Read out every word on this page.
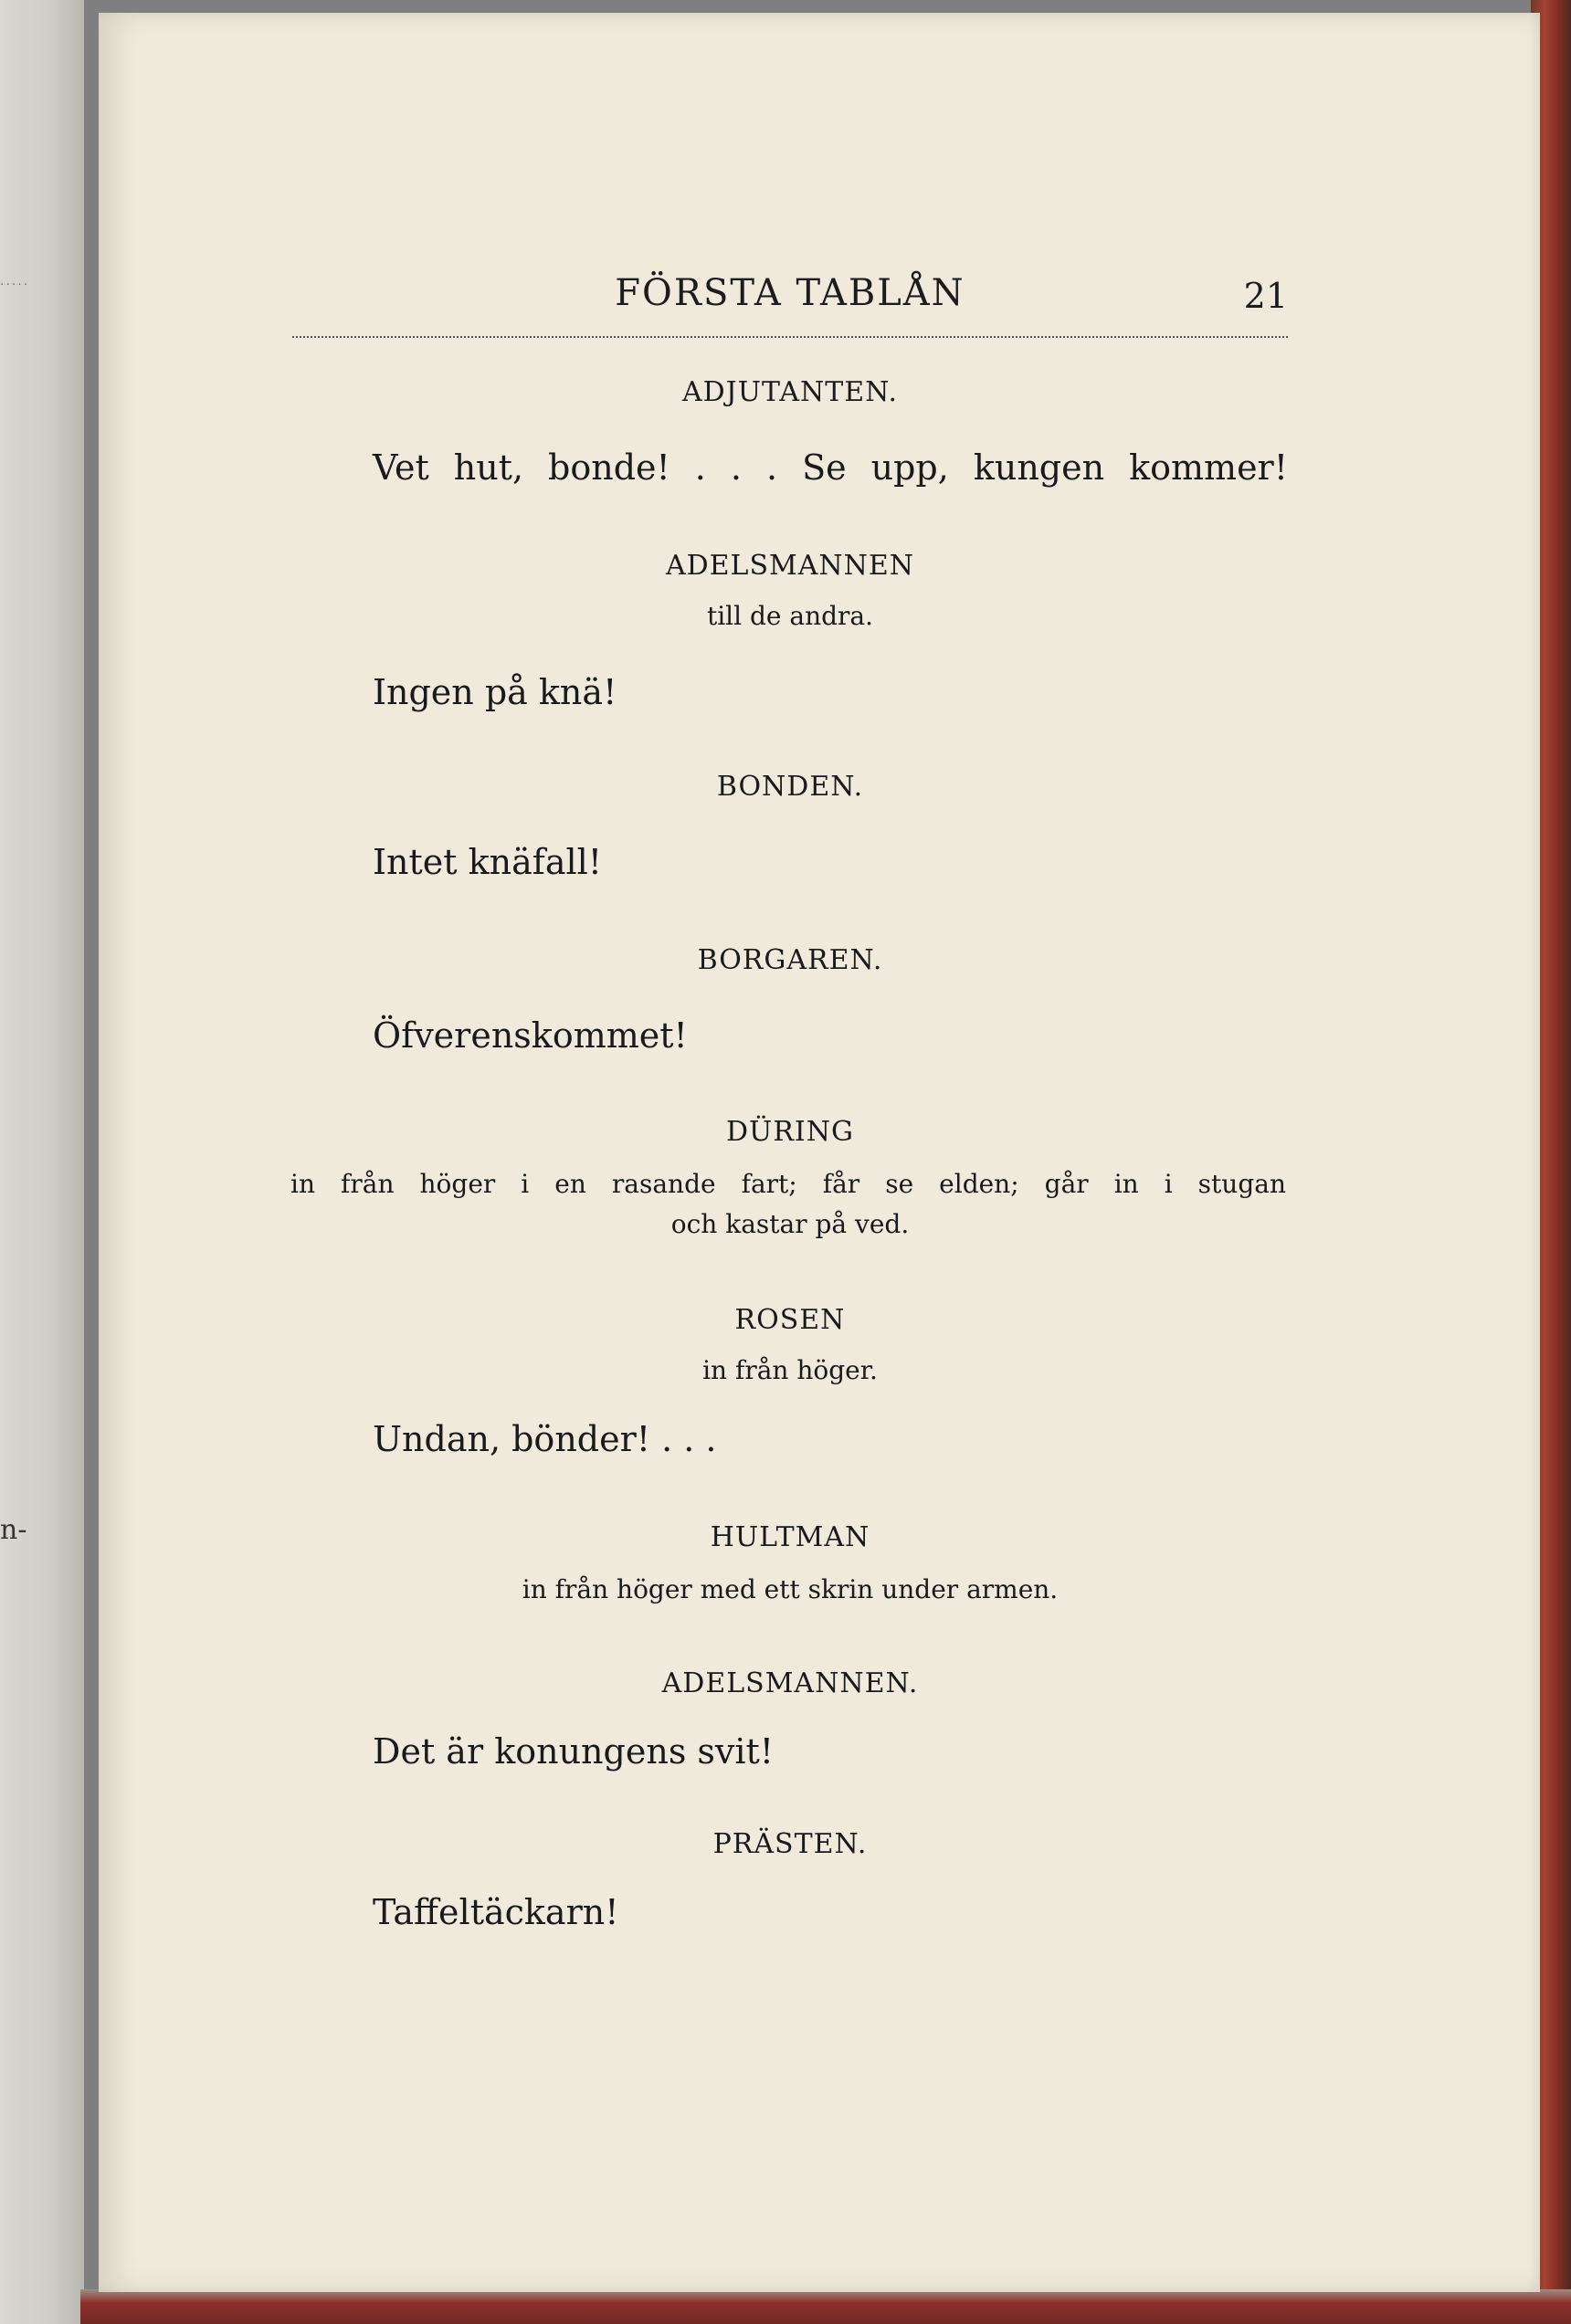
.....
n-
FÖRSTA TABLÅN	21
ADJUTANTEN.
Vet hut, bonde! . . . Se upp, kungen kommer!
ADELSMANNEN
till de andra.
Ingen på knä!
BONDEN.
Intet knäfall!
BORGAREN.
Öfverenskommet!
DÜRING
in från höger i en rasande fart; får se elden; går in i stugan
och kastar på ved.
ROSEN
in från höger.
Undan, bönder! . . .
HULTMAN
in från höger med ett skrin under armen.
ADELSMANNEN.
Det är konungens svit!
PRÄSTEN.
Taffeltäckarn!
